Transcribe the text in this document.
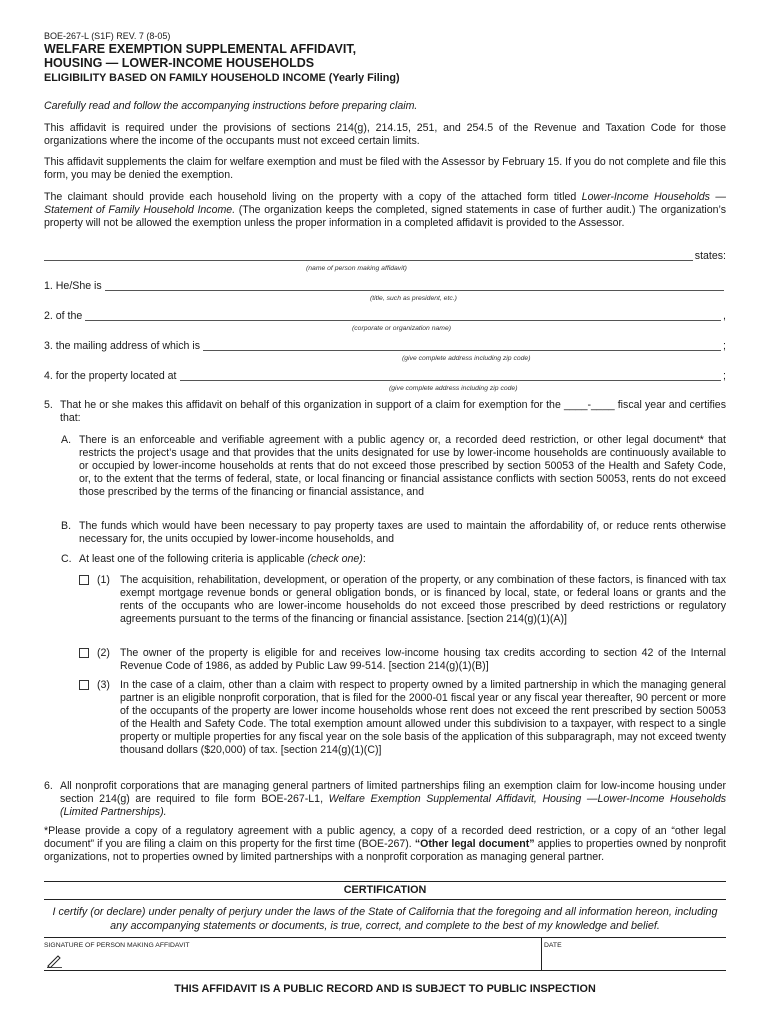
BOE-267-L (S1F) REV. 7 (8-05)
WELFARE EXEMPTION SUPPLEMENTAL AFFIDAVIT,
HOUSING — LOWER-INCOME HOUSEHOLDS
ELIGIBILITY BASED ON FAMILY HOUSEHOLD INCOME (Yearly Filing)
Carefully read and follow the accompanying instructions before preparing claim.
This affidavit is required under the provisions of sections 214(g), 214.15, 251, and 254.5 of the Revenue and Taxation Code for those organizations where the income of the occupants must not exceed certain limits.
This affidavit supplements the claim for welfare exemption and must be filed with the Assessor by February 15. If you do not complete and file this form, you may be denied the exemption.
The claimant should provide each household living on the property with a copy of the attached form titled Lower-Income Households — Statement of Family Household Income. (The organization keeps the completed, signed statements in case of further audit.) The organization’s property will not be allowed the exemption unless the proper information in a completed affidavit is provided to the Assessor.
states:
(name of person making affidavit)
1. He/She is
(title, such as president, etc.)
2. of the	,
(corporate or organization name)
3. the mailing address of which is	;
(give complete address including zip code)
4. for the property located at	;
(give complete address including zip code)
5. That he or she makes this affidavit on behalf of this organization in support of a claim for exemption for the ____-____ fiscal year and certifies that:
A. There is an enforceable and verifiable agreement with a public agency or, a recorded deed restriction, or other legal document* that restricts the project’s usage and that provides that the units designated for use by lower-income households are continuously available to or occupied by lower-income households at rents that do not exceed those prescribed by section 50053 of the Health and Safety Code, or, to the extent that the terms of federal, state, or local financing or financial assistance conflicts with section 50053, rents do not exceed those prescribed by the terms of the financing or financial assistance, and
B. The funds which would have been necessary to pay property taxes are used to maintain the affordability of, or reduce rents otherwise necessary for, the units occupied by lower-income households, and
C. At least one of the following criteria is applicable (check one):
(1) The acquisition, rehabilitation, development, or operation of the property, or any combination of these factors, is financed with tax exempt mortgage revenue bonds or general obligation bonds, or is financed by local, state, or federal loans or grants and the rents of the occupants who are lower-income households do not exceed those prescribed by deed restrictions or regulatory agreements pursuant to the terms of the financing or financial assistance. [section 214(g)(1)(A)]
(2) The owner of the property is eligible for and receives low-income housing tax credits according to section 42 of the Internal Revenue Code of 1986, as added by Public Law 99-514. [section 214(g)(1)(B)]
(3) In the case of a claim, other than a claim with respect to property owned by a limited partnership in which the managing general partner is an eligible nonprofit corporation, that is filed for the 2000-01 fiscal year or any fiscal year thereafter, 90 percent or more of the occupants of the property are lower income households whose rent does not exceed the rent prescribed by section 50053 of the Health and Safety Code. The total exemption amount allowed under this subdivision to a taxpayer, with respect to a single property or multiple properties for any fiscal year on the sole basis of the application of this subparagraph, may not exceed twenty thousand dollars ($20,000) of tax. [section 214(g)(1)(C)]
6. All nonprofit corporations that are managing general partners of limited partnerships filing an exemption claim for low-income housing under section 214(g) are required to file form BOE-267-L1, Welfare Exemption Supplemental Affidavit, Housing —Lower-Income Households (Limited Partnerships).
*Please provide a copy of a regulatory agreement with a public agency, a copy of a recorded deed restriction, or a copy of an “other legal document” if you are filing a claim on this property for the first time (BOE-267). “Other legal document” applies to properties owned by nonprofit organizations, not to properties owned by limited partnerships with a nonprofit corporation as managing general partner.
CERTIFICATION
I certify (or declare) under penalty of perjury under the laws of the State of California that the foregoing and all information hereon, including any accompanying statements or documents, is true, correct, and complete to the best of my knowledge and belief.
SIGNATURE OF PERSON MAKING AFFIDAVIT	DATE
THIS AFFIDAVIT IS A PUBLIC RECORD AND IS SUBJECT TO PUBLIC INSPECTION
